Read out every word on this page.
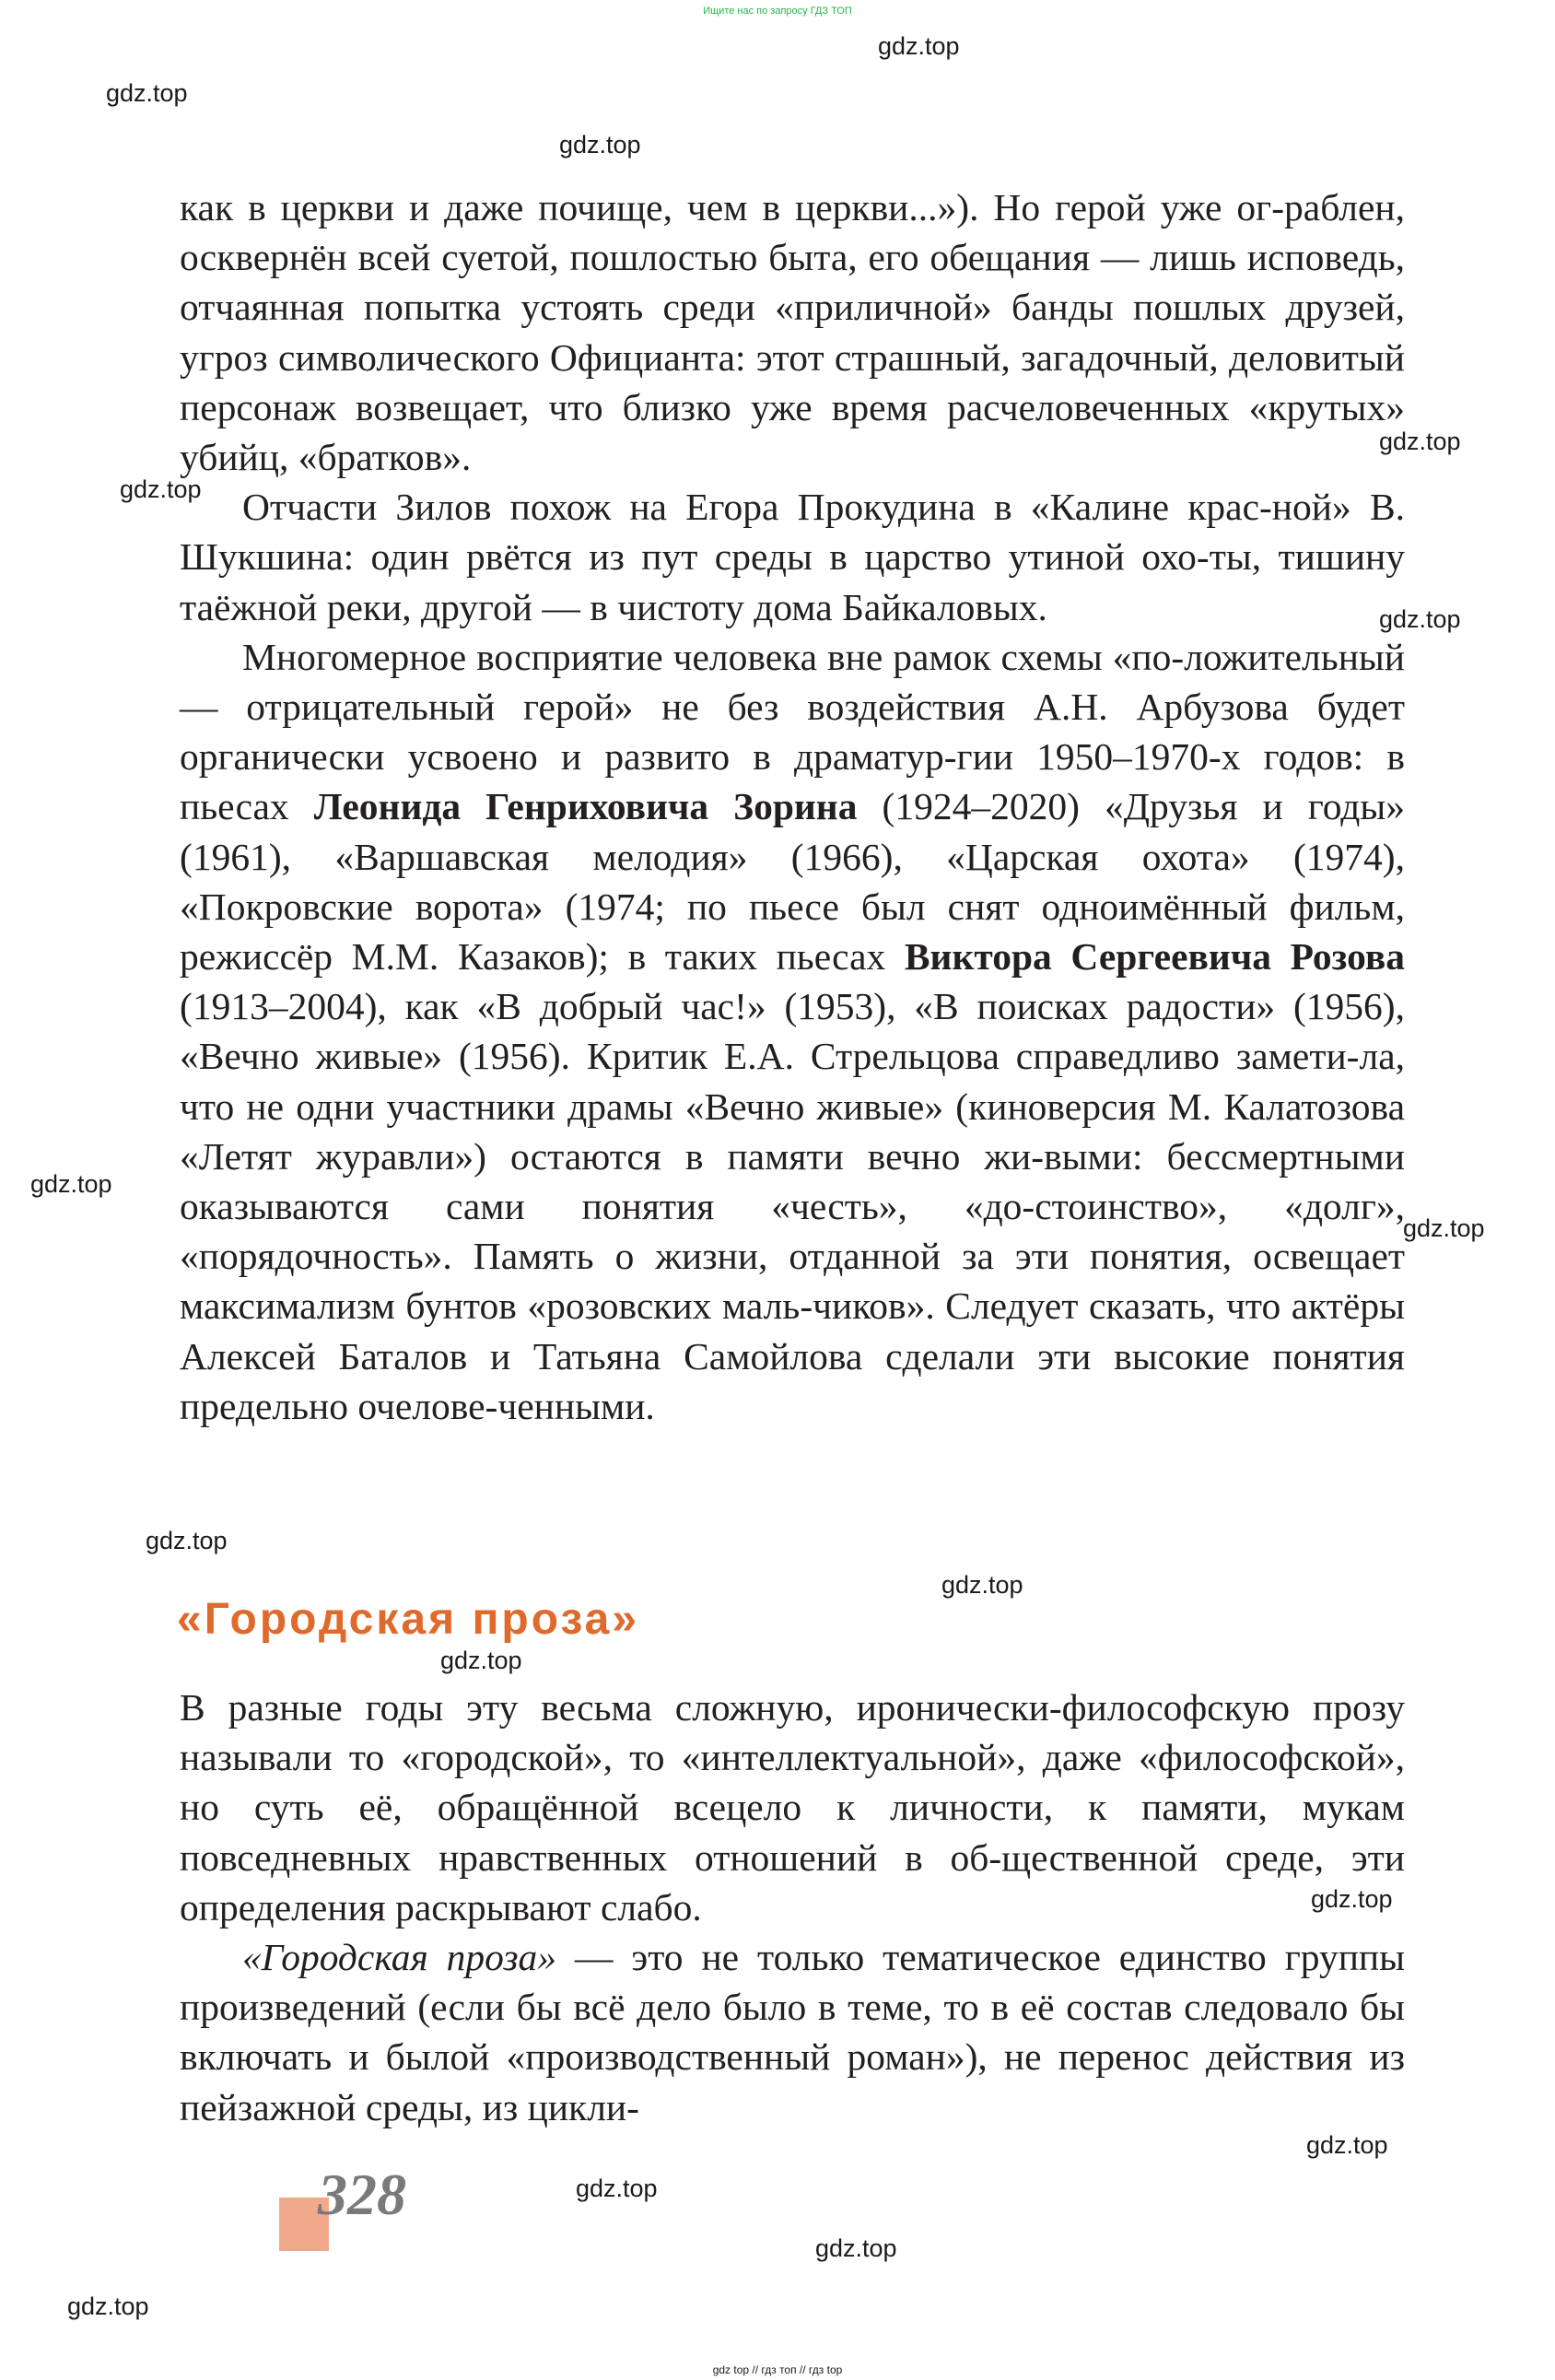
Ищите нас по запросу ГДЗ ТОП
gdz.top
gdz.top
gdz.top
gdz.top
gdz.top
gdz.top
gdz.top
gdz.top
gdz.top
gdz.top
gdz.top
gdz.top
gdz.top
gdz.top
gdz.top
gdz.top

как в церкви и даже почище, чем в церкви...»). Но герой уже ог-раблен, осквернён всей суетой, пошлостью быта, его обещания — лишь исповедь, отчаянная попытка устоять среди «приличной» банды пошлых друзей, угроз символического Официанта: этот страшный, загадочный, деловитый персонаж возвещает, что близко уже время расчеловеченных «крутых» убийц, «братков».

Отчасти Зилов похож на Егора Прокудина в «Калине крас-ной» В. Шукшина: один рвётся из пут среды в царство утиной охо-ты, тишину таёжной реки, другой — в чистоту дома Байкаловых.

Многомерное восприятие человека вне рамок схемы «по-ложительный — отрицательный герой» не без воздействия А.Н. Арбузова будет органически усвоено и развито в драматур-гии 1950–1970-х годов: в пьесах Леонида Генриховича Зорина (1924–2020) «Друзья и годы» (1961), «Варшавская мелодия» (1966), «Царская охота» (1974), «Покровские ворота» (1974; по пьесе был снят одноимённый фильм, режиссёр М.М. Казаков); в таких пьесах Виктора Сергеевича Розова (1913–2004), как «В добрый час!» (1953), «В поисках радости» (1956), «Вечно живые» (1956). Критик Е.А. Стрельцова справедливо замети-ла, что не одни участники драмы «Вечно живые» (киноверсия М. Калатозова «Летят журавли») остаются в памяти вечно жи-выми: бессмертными оказываются сами понятия «честь», «до-стоинство», «долг», «порядочность». Память о жизни, отданной за эти понятия, освещает максимализм бунтов «розовских маль-чиков». Следует сказать, что актёры Алексей Баталов и Татьяна Самойлова сделали эти высокие понятия предельно очелове-ченными.

«Городская проза»

В разные годы эту весьма сложную, иронически-философскую прозу называли то «городской», то «интеллектуальной», даже «философской», но суть её, обращённой всецело к личности, к памяти, мукам повседневных нравственных отношений в об-щественной среде, эти определения раскрывают слабо.

«Городская проза» — это не только тематическое единство группы произведений (если бы всё дело было в теме, то в её состав следовало бы включать и былой «производственный роман»), не перенос действия из пейзажной среды, из цикли-

328
gdz top // гдз топ // гдз top
